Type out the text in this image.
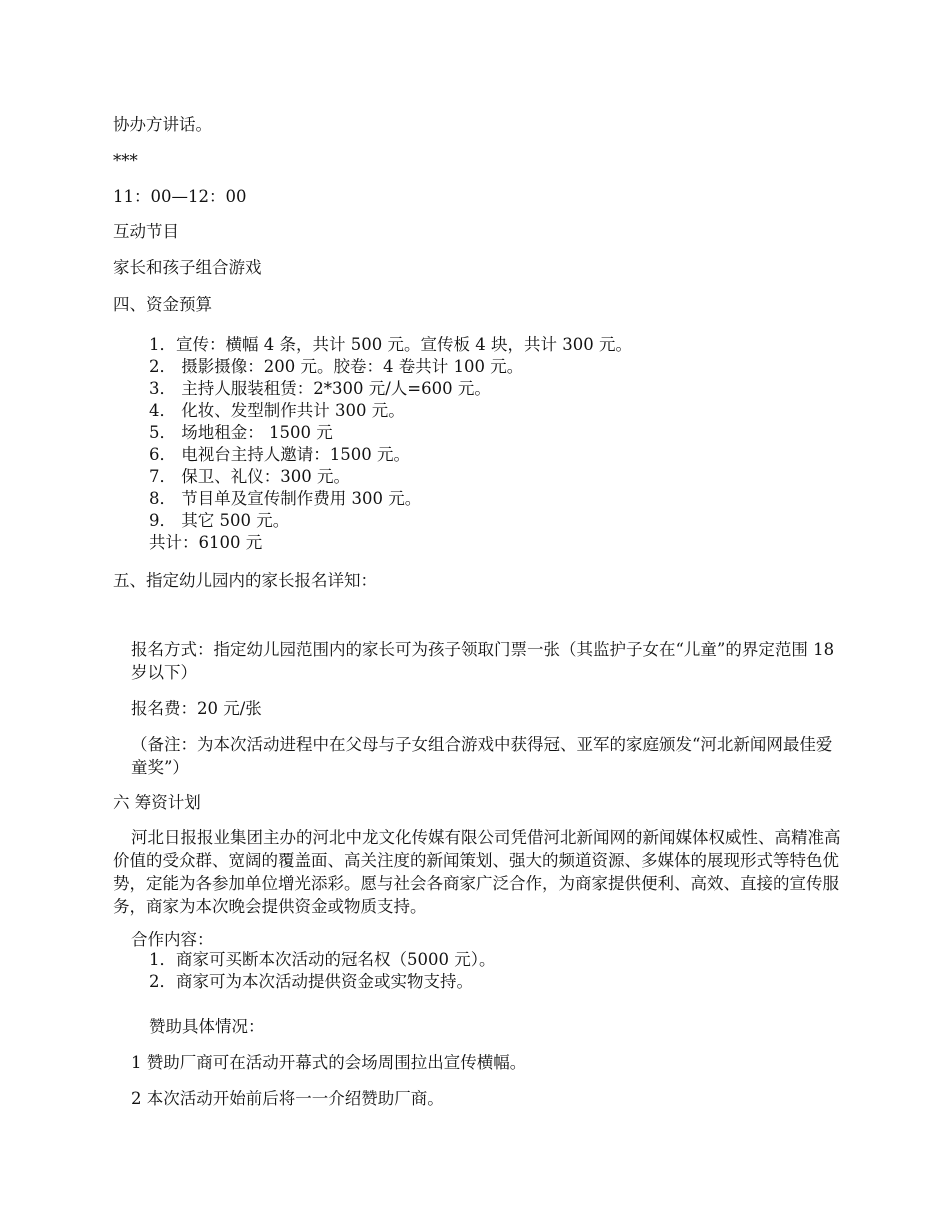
协办方讲话。

***

11：00—12：00

互动节目

家长和孩子组合游戏

四、资金预算

1．宣传：横幅 4 条，共计 500 元。宣传板 4 块，共计 300 元。
2． 摄影摄像：200 元。胶卷：4 卷共计 100 元。
3． 主持人服装租赁：2*300 元/人=600 元。
4． 化妆、发型制作共计 300 元。
5． 场地租金： 1500 元
6． 电视台主持人邀请：1500 元。
7． 保卫、礼仪：300 元。
8． 节目单及宣传制作费用 300 元。
9． 其它 500 元。
共计：6100 元

五、指定幼儿园内的家长报名详知：

报名方式：指定幼儿园范围内的家长可为孩子领取门票一张（其监护子女在“儿童”的界定范围 18 岁以下）

报名费：20 元/张

（备注：为本次活动进程中在父母与子女组合游戏中获得冠、亚军的家庭颁发“河北新闻网最佳爱童奖”）

六 筹资计划

河北日报报业集团主办的河北中龙文化传媒有限公司凭借河北新闻网的新闻媒体权威性、高精准高价值的受众群、宽阔的覆盖面、高关注度的新闻策划、强大的频道资源、多媒体的展现形式等特色优势，定能为各参加单位增光添彩。愿与社会各商家广泛合作，为商家提供便利、高效、直接的宣传服务，商家为本次晚会提供资金或物质支持。

合作内容：

1．商家可买断本次活动的冠名权（5000 元）。
2．商家可为本次活动提供资金或实物支持。

赞助具体情况：

1 赞助厂商可在活动开幕式的会场周围拉出宣传横幅。

2 本次活动开始前后将一一介绍赞助厂商。
